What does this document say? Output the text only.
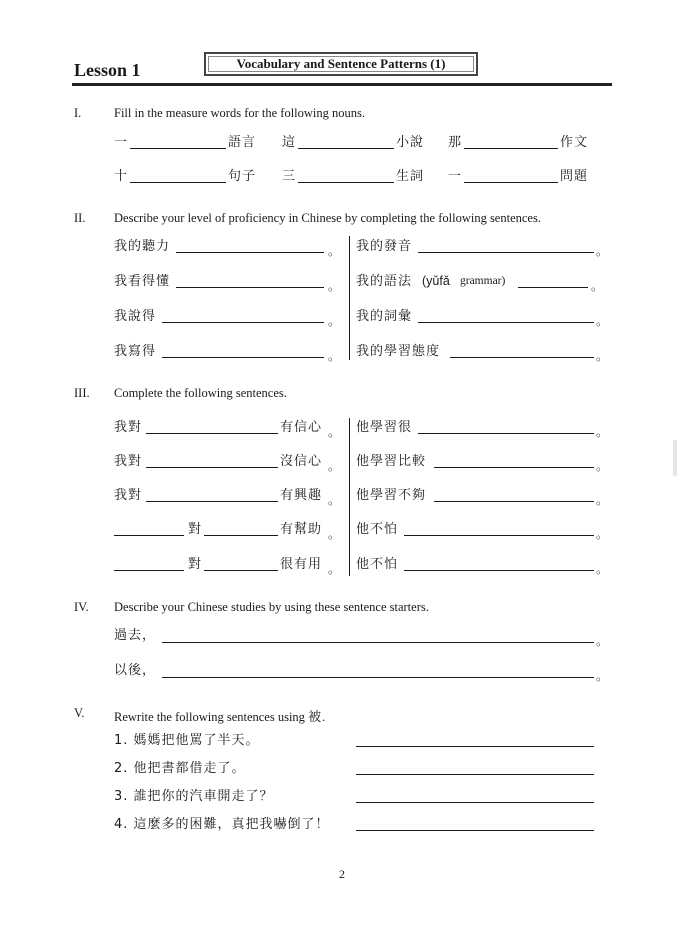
Lesson 1	Vocabulary and Sentence Patterns (1)
I.	Fill in the measure words for the following nouns.
一	語言 這	小說 那	作文
十	句子 三	生詞 一	問題
II. Describe your level of proficiency in Chinese by completing the following sentences.
我的聽力	。 我的發音	。
我看得懂	。 我的語法 (yǔfǎ grammar)	。
我說得	。 我的詞彙	。
我寫得	。 我的學習態度	。
III. Complete the following sentences.
我對	有信心 。 他學習很	。
我對	沒信心 。 他學習比較	。
我對	有興趣 。 他學習不夠	。
對	有幫助 。 他不怕	。
對	很有用 。 他不怕	。
IV. Describe your Chinese studies by using these sentence starters.
過去，	。
以後，	。
V. Rewrite the following sentences using 被.
1. 媽媽把他罵了半天。
2. 他把書都借走了。
3. 誰把你的汽車開走了？
4. 這麼多的困難，真把我嚇倒了！
2
